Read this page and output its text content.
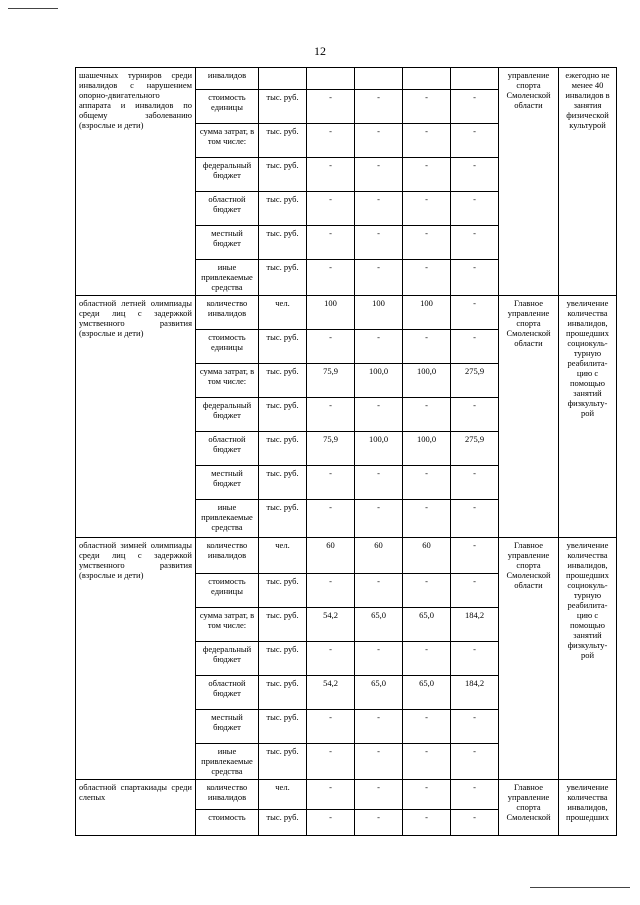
12
шашечных турниров среди инвалидов с нарушением опорно-двигательного аппарата и инвалидов по общему заболеванию (взрослые и дети)	инвалидов						управление спорта Смоленской области	ежегодно не менее 40 инвалидов в занятия физической культурой
	стоимость единицы	тыс. руб.	-	-	-	-		
	сумма затрат, в том числе:	тыс. руб.	-	-	-	-		
	федеральный бюджет	тыс. руб.	-	-	-	-		
	областной бюджет	тыс. руб.	-	-	-	-		
	местный бюджет	тыс. руб.	-	-	-	-		
	иные привлекаемые средства	тыс. руб.	-	-	-	-		
областной летней олимпиады среди лиц с задержкой умственного развития (взрослые и дети)	количество инвалидов	чел.	100	100	100	-	Главное управление спорта Смоленской области	увеличение количества инвалидов, прошедших социокуль-турную реабилита-цию с помощью занятий физкульту-рой
	стоимость единицы	тыс. руб.	-	-	-	-		
	сумма затрат, в том числе:	тыс. руб.	75,9	100,0	100,0	275,9		
	федеральный бюджет	тыс. руб.	-	-	-	-		
	областной бюджет	тыс. руб.	75,9	100,0	100,0	275,9		
	местный бюджет	тыс. руб.	-	-	-	-		
	иные привлекаемые средства	тыс. руб.	-	-	-	-		
областной зимней олимпиады среди лиц с задержкой умственного развития (взрослые и дети)	количество инвалидов	чел.	60	60	60	-	Главное управление спорта Смоленской области	увеличение количества инвалидов, прошедших социокуль-турную реабилита-цию с помощью занятий физкульту-рой
	стоимость единицы	тыс. руб.	-	-	-	-		
	сумма затрат, в том числе:	тыс. руб.	54,2	65,0	65,0	184,2		
	федеральный бюджет	тыс. руб.	-	-	-	-		
	областной бюджет	тыс. руб.	54,2	65,0	65,0	184,2		
	местный бюджет	тыс. руб.	-	-	-	-		
	иные привлекаемые средства	тыс. руб.	-	-	-	-		
областной спартакиады среди слепых	количество инвалидов	чел.	-	-	-	-	Главное управление спорта Смоленской	увеличение количества инвалидов, прошедших
	стоимость	тыс. руб.	-	-	-	-		
